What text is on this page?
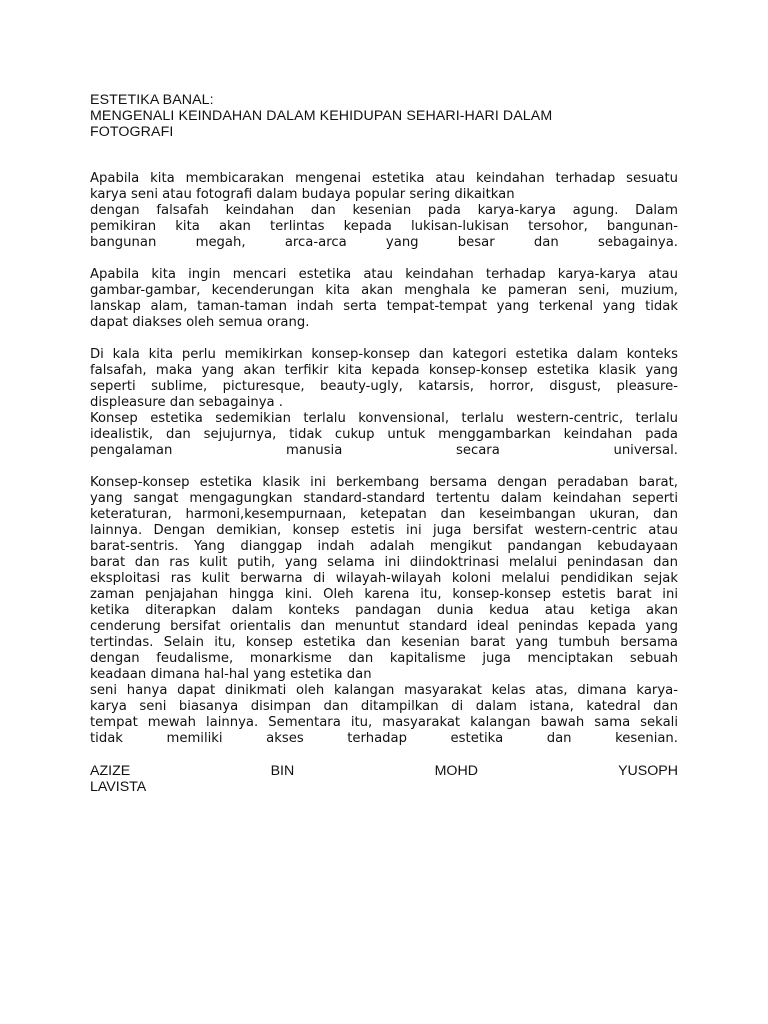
ESTETIKA BANAL:
MENGENALI KEINDAHAN DALAM KEHIDUPAN SEHARI-HARI DALAM
FOTOGRAFI
Apabila kita membicarakan mengenai estetika atau keindahan terhadap sesuatu
karya seni atau fotografi dalam budaya popular sering dikaitkan
dengan falsafah keindahan dan kesenian pada karya-karya agung. Dalam
pemikiran kita akan terlintas kepada lukisan-lukisan tersohor, bangunan-
bangunan megah, arca-arca yang besar dan sebagainya.
Apabila kita ingin mencari estetika atau keindahan terhadap karya-karya atau
gambar-gambar, kecenderungan kita akan menghala ke pameran seni, muzium,
lanskap alam, taman-taman indah serta tempat-tempat yang terkenal yang tidak
dapat diakses oleh semua orang.
Di kala kita perlu memikirkan konsep-konsep dan kategori estetika dalam konteks
falsafah, maka yang akan terfikir kita kepada konsep-konsep estetika klasik yang
seperti sublime, picturesque, beauty-ugly, katarsis, horror, disgust, pleasure-
displeasure dan sebagainya .
Konsep estetika sedemikian terlalu konvensional, terlalu western-centric, terlalu
idealistik, dan sejujurnya, tidak cukup untuk menggambarkan keindahan pada
pengalaman manusia secara universal.
Konsep-konsep estetika klasik ini berkembang bersama dengan peradaban barat,
yang sangat mengagungkan standard-standard tertentu dalam keindahan seperti
keteraturan, harmoni,kesempurnaan, ketepatan dan keseimbangan ukuran, dan
lainnya. Dengan demikian, konsep estetis ini juga bersifat western-centric atau
barat-sentris. Yang dianggap indah adalah mengikut pandangan kebudayaan
barat dan ras kulit putih, yang selama ini diindoktrinasi melalui penindasan dan
eksploitasi ras kulit berwarna di wilayah-wilayah koloni melalui pendidikan sejak
zaman penjajahan hingga kini. Oleh karena itu, konsep-konsep estetis barat ini
ketika diterapkan dalam konteks pandagan dunia kedua atau ketiga akan
cenderung bersifat orientalis dan menuntut standard ideal penindas kepada yang
tertindas. Selain itu, konsep estetika dan kesenian barat yang tumbuh bersama
dengan feudalisme, monarkisme dan kapitalisme juga menciptakan sebuah
keadaan dimana hal-hal yang estetika dan
seni hanya dapat dinikmati oleh kalangan masyarakat kelas atas, dimana karya-
karya seni biasanya disimpan dan ditampilkan di dalam istana, katedral dan
tempat mewah lainnya. Sementara itu, masyarakat kalangan bawah sama sekali
tidak memiliki akses terhadap estetika dan kesenian.
AZIZE BIN MOHD YUSOPH
LAVISTA
